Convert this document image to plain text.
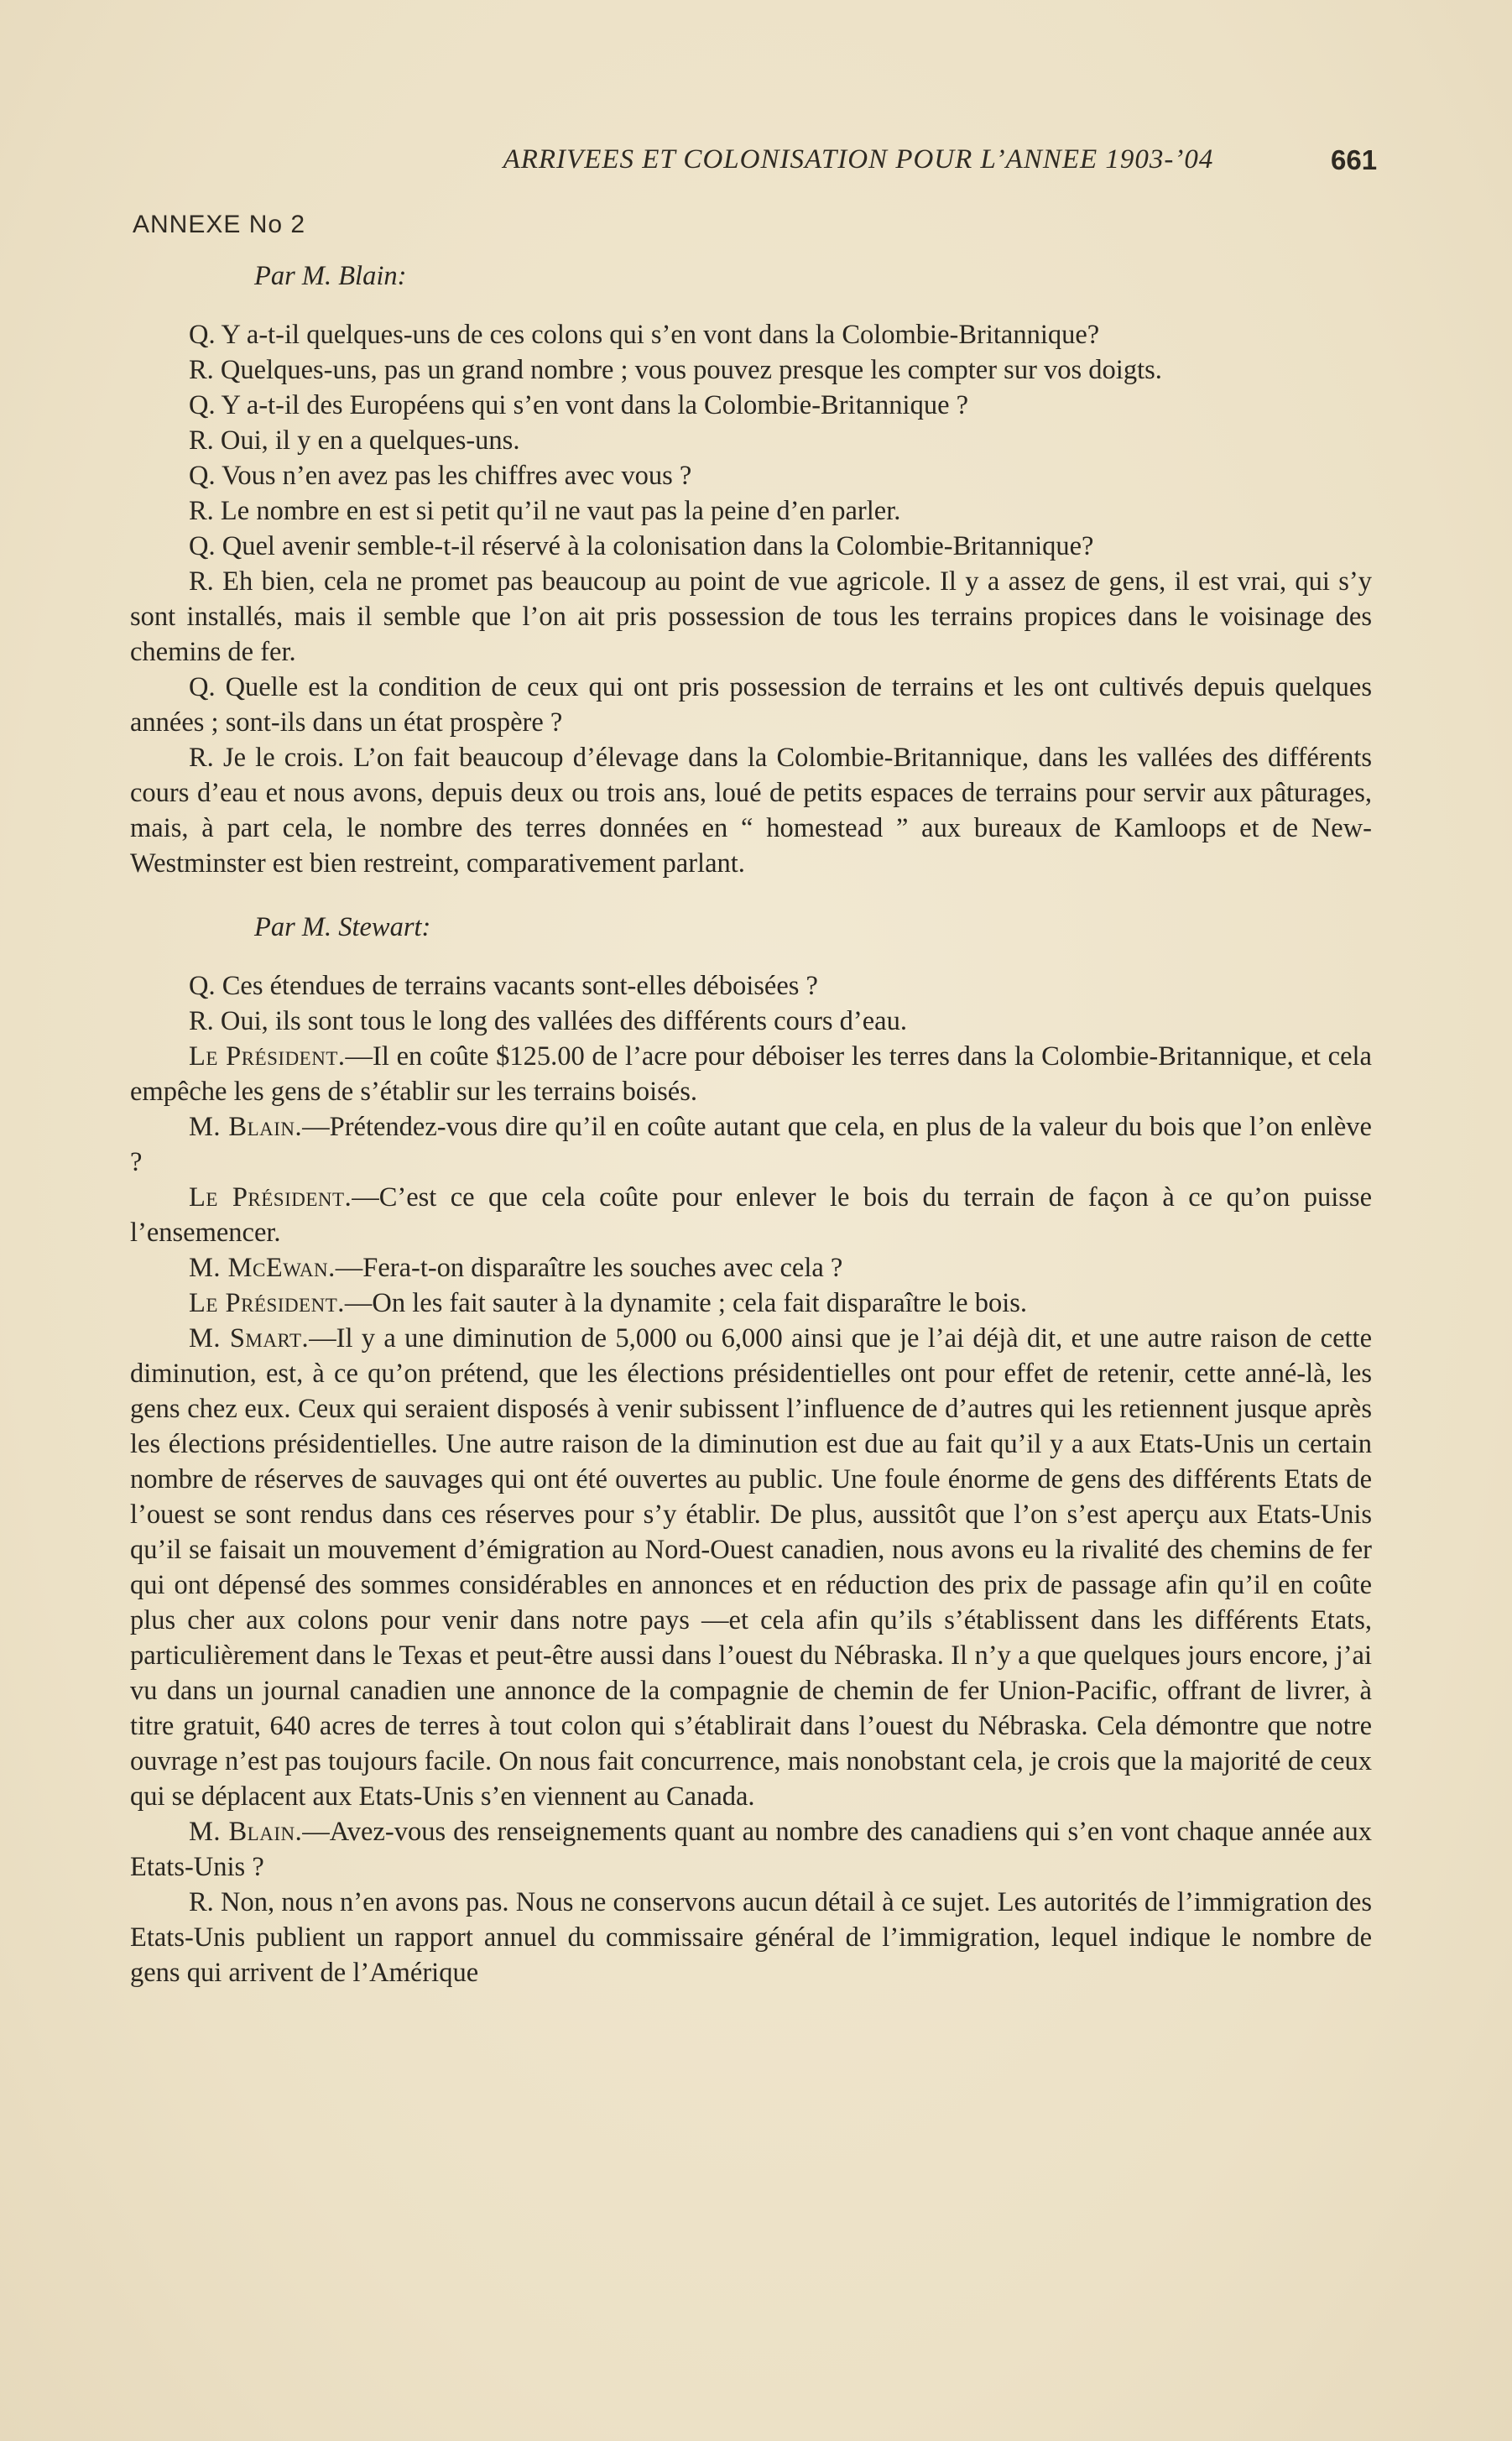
ARRIVEES ET COLONISATION POUR L’ANNEE 1903-’04	661
ANNEXE No 2

Par M. Blain:

Q. Y a-t-il quelques-uns de ces colons qui s’en vont dans la Colombie-Britannique?

R. Quelques-uns, pas un grand nombre ; vous pouvez presque les compter sur vos doigts.

Q. Y a-t-il des Européens qui s’en vont dans la Colombie-Britannique ?

R. Oui, il y en a quelques-uns.

Q. Vous n’en avez pas les chiffres avec vous ?

R. Le nombre en est si petit qu’il ne vaut pas la peine d’en parler.

Q. Quel avenir semble-t-il réservé à la colonisation dans la Colombie-Britannique?

R. Eh bien, cela ne promet pas beaucoup au point de vue agricole. Il y a assez de gens, il est vrai, qui s’y sont installés, mais il semble que l’on ait pris possession de tous les terrains propices dans le voisinage des chemins de fer.

Q. Quelle est la condition de ceux qui ont pris possession de terrains et les ont cultivés depuis quelques années ; sont-ils dans un état prospère ?

R. Je le crois. L’on fait beaucoup d’élevage dans la Colombie-Britannique, dans les vallées des différents cours d’eau et nous avons, depuis deux ou trois ans, loué de petits espaces de terrains pour servir aux pâturages, mais, à part cela, le nombre des terres données en “ homestead ” aux bureaux de Kamloops et de New-Westminster est bien restreint, comparativement parlant.

Par M. Stewart:

Q. Ces étendues de terrains vacants sont-elles déboisées ?

R. Oui, ils sont tous le long des vallées des différents cours d’eau.

Le Président.—Il en coûte $125.00 de l’acre pour déboiser les terres dans la Colombie-Britannique, et cela empêche les gens de s’établir sur les terrains boisés.

M. Blain.—Prétendez-vous dire qu’il en coûte autant que cela, en plus de la valeur du bois que l’on enlève ?

Le Président.—C’est ce que cela coûte pour enlever le bois du terrain de façon à ce qu’on puisse l’ensemencer.

M. McEwan.—Fera-t-on disparaître les souches avec cela ?

Le Président.—On les fait sauter à la dynamite ; cela fait disparaître le bois.

M. Smart.—Il y a une diminution de 5,000 ou 6,000 ainsi que je l’ai déjà dit, et une autre raison de cette diminution, est, à ce qu’on prétend, que les élections présidentielles ont pour effet de retenir, cette anné-là, les gens chez eux. Ceux qui seraient disposés à venir subissent l’influence de d’autres qui les retiennent jusque après les élections présidentielles. Une autre raison de la diminution est due au fait qu’il y a aux Etats-Unis un certain nombre de réserves de sauvages qui ont été ouvertes au public. Une foule énorme de gens des différents Etats de l’ouest se sont rendus dans ces réserves pour s’y établir. De plus, aussitôt que l’on s’est aperçu aux Etats-Unis qu’il se faisait un mouvement d’émigration au Nord-Ouest canadien, nous avons eu la rivalité des chemins de fer qui ont dépensé des sommes considérables en annonces et en réduction des prix de passage afin qu’il en coûte plus cher aux colons pour venir dans notre pays —et cela afin qu’ils s’établissent dans les différents Etats, particulièrement dans le Texas et peut-être aussi dans l’ouest du Nébraska. Il n’y a que quelques jours encore, j’ai vu dans un journal canadien une annonce de la compagnie de chemin de fer Union-Pacific, offrant de livrer, à titre gratuit, 640 acres de terres à tout colon qui s’établirait dans l’ouest du Nébraska. Cela démontre que notre ouvrage n’est pas toujours facile. On nous fait concurrence, mais nonobstant cela, je crois que la majorité de ceux qui se déplacent aux Etats-Unis s’en viennent au Canada.

M. Blain.—Avez-vous des renseignements quant au nombre des canadiens qui s’en vont chaque année aux Etats-Unis ?

R. Non, nous n’en avons pas. Nous ne conservons aucun détail à ce sujet. Les autorités de l’immigration des Etats-Unis publient un rapport annuel du commissaire général de l’immigration, lequel indique le nombre de gens qui arrivent de l’Amérique
